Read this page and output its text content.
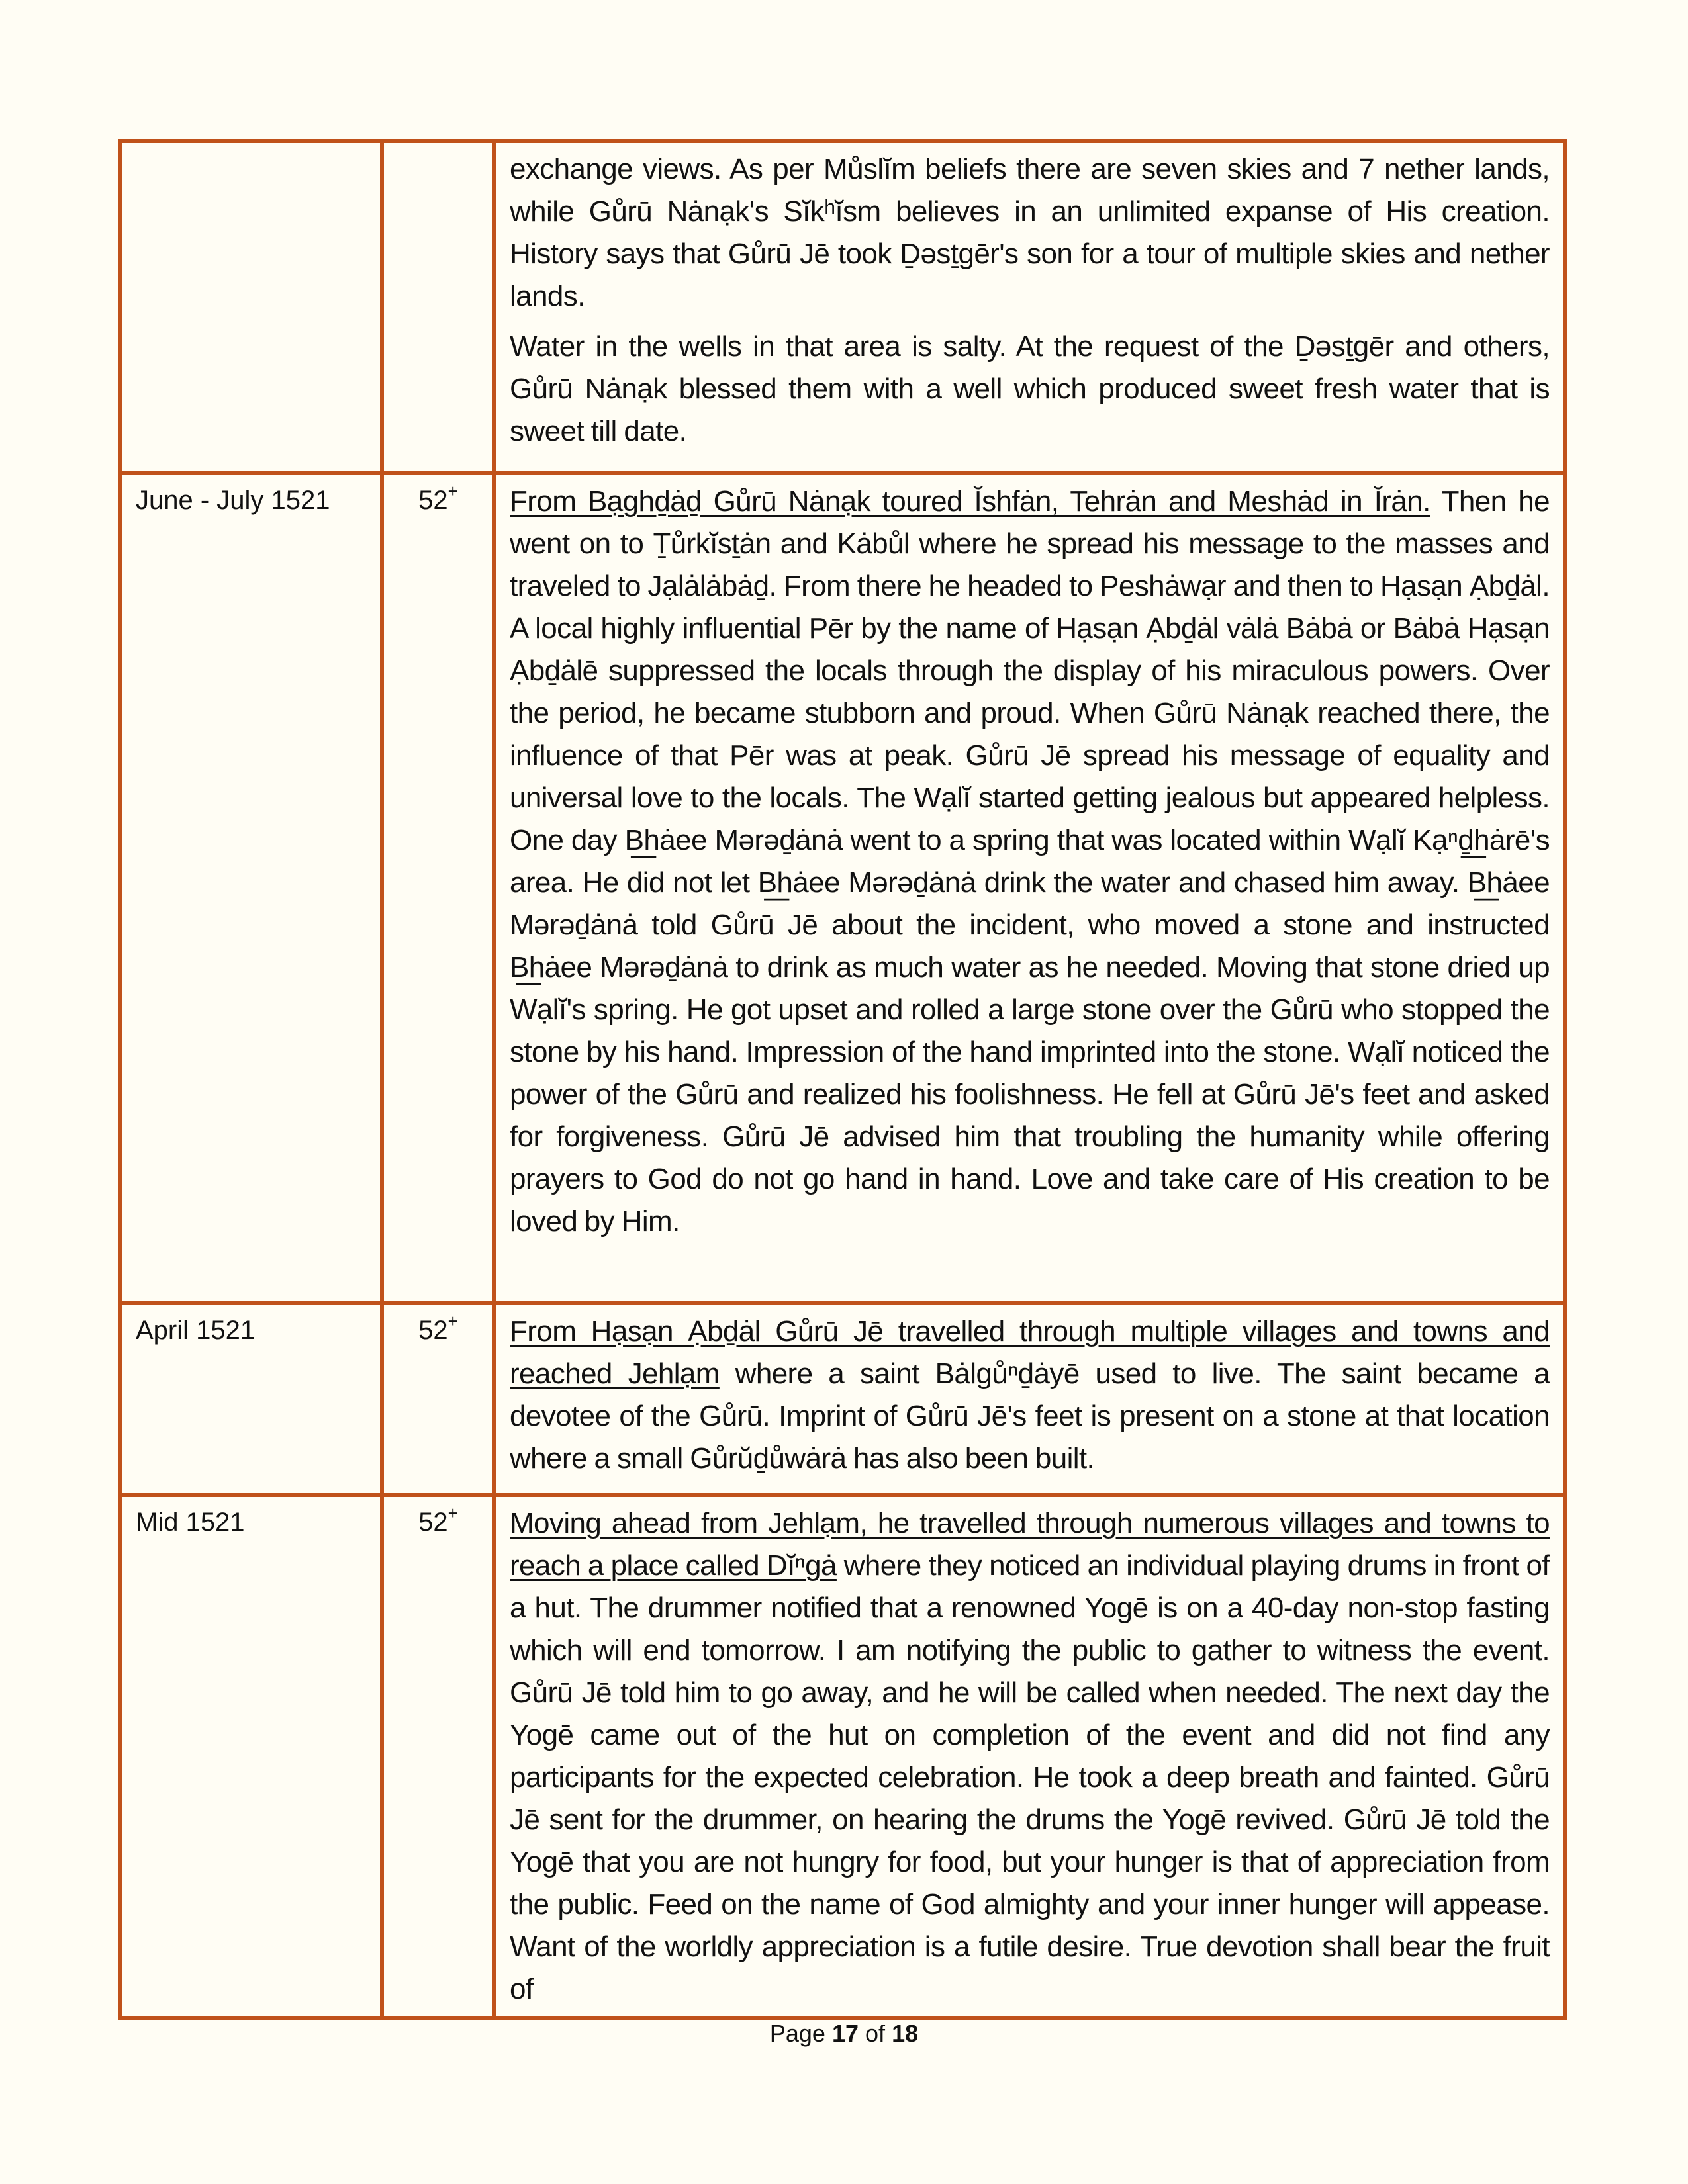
		exchange views. As per Můslĭm beliefs there are seven skies and 7 nether lands, while Gůrū Nȧnạk's Sĭkʰĭsm believes in an unlimited expanse of His creation. History says that Gůrū Jē took Ḏəsṯgēr's son for a tour of multiple skies and nether lands.

Water in the wells in that area is salty. At the request of the Ḏəsṯgēr and others, Gůrū Nȧnạk blessed them with a well which produced sweet fresh water that is sweet till date.

June - July 1521	52+	From Bạghḏȧḏ Gůrū Nȧnạk toured Ĭshfȧn, Tehrȧn and Meshȧd in Ĭrȧn. Then he went on to Ṯůrkĭsṯȧn and Kȧbůl where he spread his message to the masses and traveled to Jạlȧlȧbȧḏ. From there he headed to Peshȧwạr and then to Hạsạn Ạbḏȧl. A local highly influential Pēr by the name of Hạsạn Ạbḏȧl vȧlȧ Bȧbȧ or Bȧbȧ Hạsạn Ạbḏȧlē suppressed the locals through the display of his miraculous powers. Over the period, he became stubborn and proud. When Gůrū Nȧnạk reached there, the influence of that Pēr was at peak. Gůrū Jē spread his message of equality and universal love to the locals. The Wạlĭ started getting jealous but appeared helpless. One day B͟hȧee Mərəḏȧnȧ went to a spring that was located within Wạlĭ Kạⁿḏ͟hȧrē's area. He did not let B͟hȧee Mərəḏȧnȧ drink the water and chased him away. B͟hȧee Mərəḏȧnȧ told Gůrū Jē about the incident, who moved a stone and instructed B͟hȧee Mərəḏȧnȧ to drink as much water as he needed. Moving that stone dried up Wạlĭ's spring. He got upset and rolled a large stone over the Gůrū who stopped the stone by his hand. Impression of the hand imprinted into the stone. Wạlĭ noticed the power of the Gůrū and realized his foolishness. He fell at Gůrū Jē's feet and asked for forgiveness. Gůrū Jē advised him that troubling the humanity while offering prayers to God do not go hand in hand. Love and take care of His creation to be loved by Him.

April 1521	52+	From Hạsạn Ạbḏȧl Gůrū Jē travelled through multiple villages and towns and reached Jehlạm where a saint Bȧlgůⁿḏȧyē used to live. The saint became a devotee of the Gůrū. Imprint of Gůrū Jē's feet is present on a stone at that location where a small Gůrŭḏůwȧrȧ has also been built.

Mid 1521	52+	Moving ahead from Jehlạm, he travelled through numerous villages and towns to reach a place called Dĭⁿgȧ where they noticed an individual playing drums in front of a hut. The drummer notified that a renowned Yogē is on a 40-day non-stop fasting which will end tomorrow. I am notifying the public to gather to witness the event. Gůrū Jē told him to go away, and he will be called when needed. The next day the Yogē came out of the hut on completion of the event and did not find any participants for the expected celebration. He took a deep breath and fainted. Gůrū Jē sent for the drummer, on hearing the drums the Yogē revived. Gůrū Jē told the Yogē that you are not hungry for food, but your hunger is that of appreciation from the public. Feed on the name of God almighty and your inner hunger will appease. Want of the worldly appreciation is a futile desire. True devotion shall bear the fruit of

Page 17 of 18
